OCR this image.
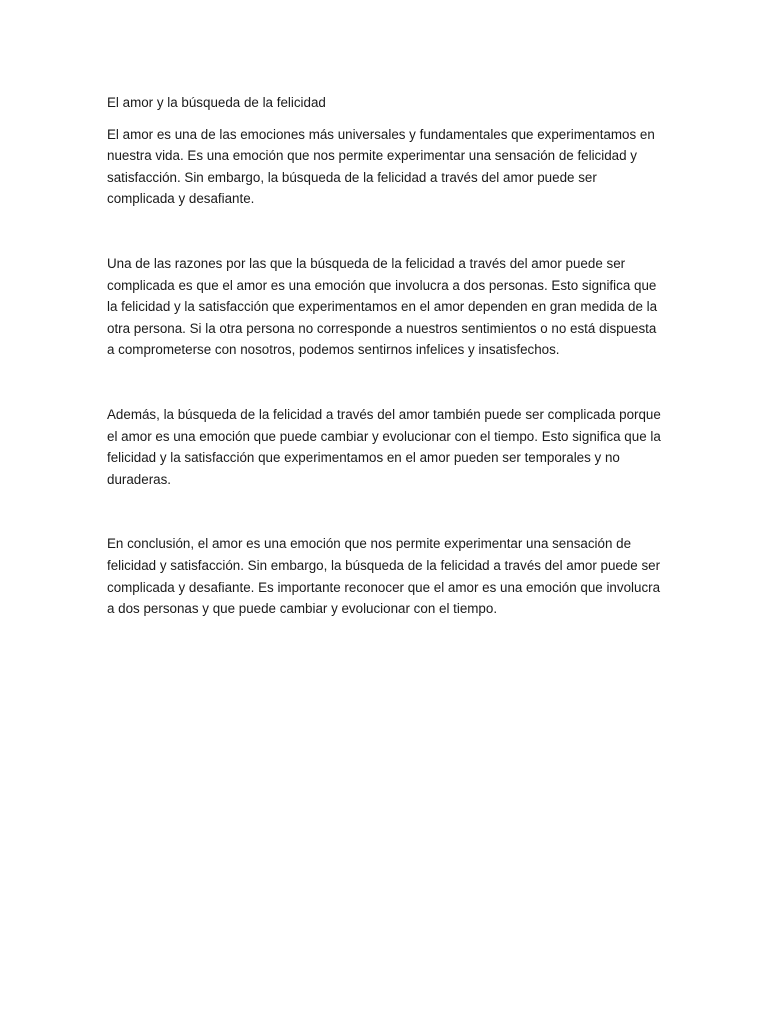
El amor y la búsqueda de la felicidad

El amor es una de las emociones más universales y fundamentales que experimentamos en nuestra vida. Es una emoción que nos permite experimentar una sensación de felicidad y satisfacción. Sin embargo, la búsqueda de la felicidad a través del amor puede ser complicada y desafiante.

Una de las razones por las que la búsqueda de la felicidad a través del amor puede ser complicada es que el amor es una emoción que involucra a dos personas. Esto significa que la felicidad y la satisfacción que experimentamos en el amor dependen en gran medida de la otra persona. Si la otra persona no corresponde a nuestros sentimientos o no está dispuesta a comprometerse con nosotros, podemos sentirnos infelices y insatisfechos.

Además, la búsqueda de la felicidad a través del amor también puede ser complicada porque el amor es una emoción que puede cambiar y evolucionar con el tiempo. Esto significa que la felicidad y la satisfacción que experimentamos en el amor pueden ser temporales y no duraderas.

En conclusión, el amor es una emoción que nos permite experimentar una sensación de felicidad y satisfacción. Sin embargo, la búsqueda de la felicidad a través del amor puede ser complicada y desafiante. Es importante reconocer que el amor es una emoción que involucra a dos personas y que puede cambiar y evolucionar con el tiempo.
